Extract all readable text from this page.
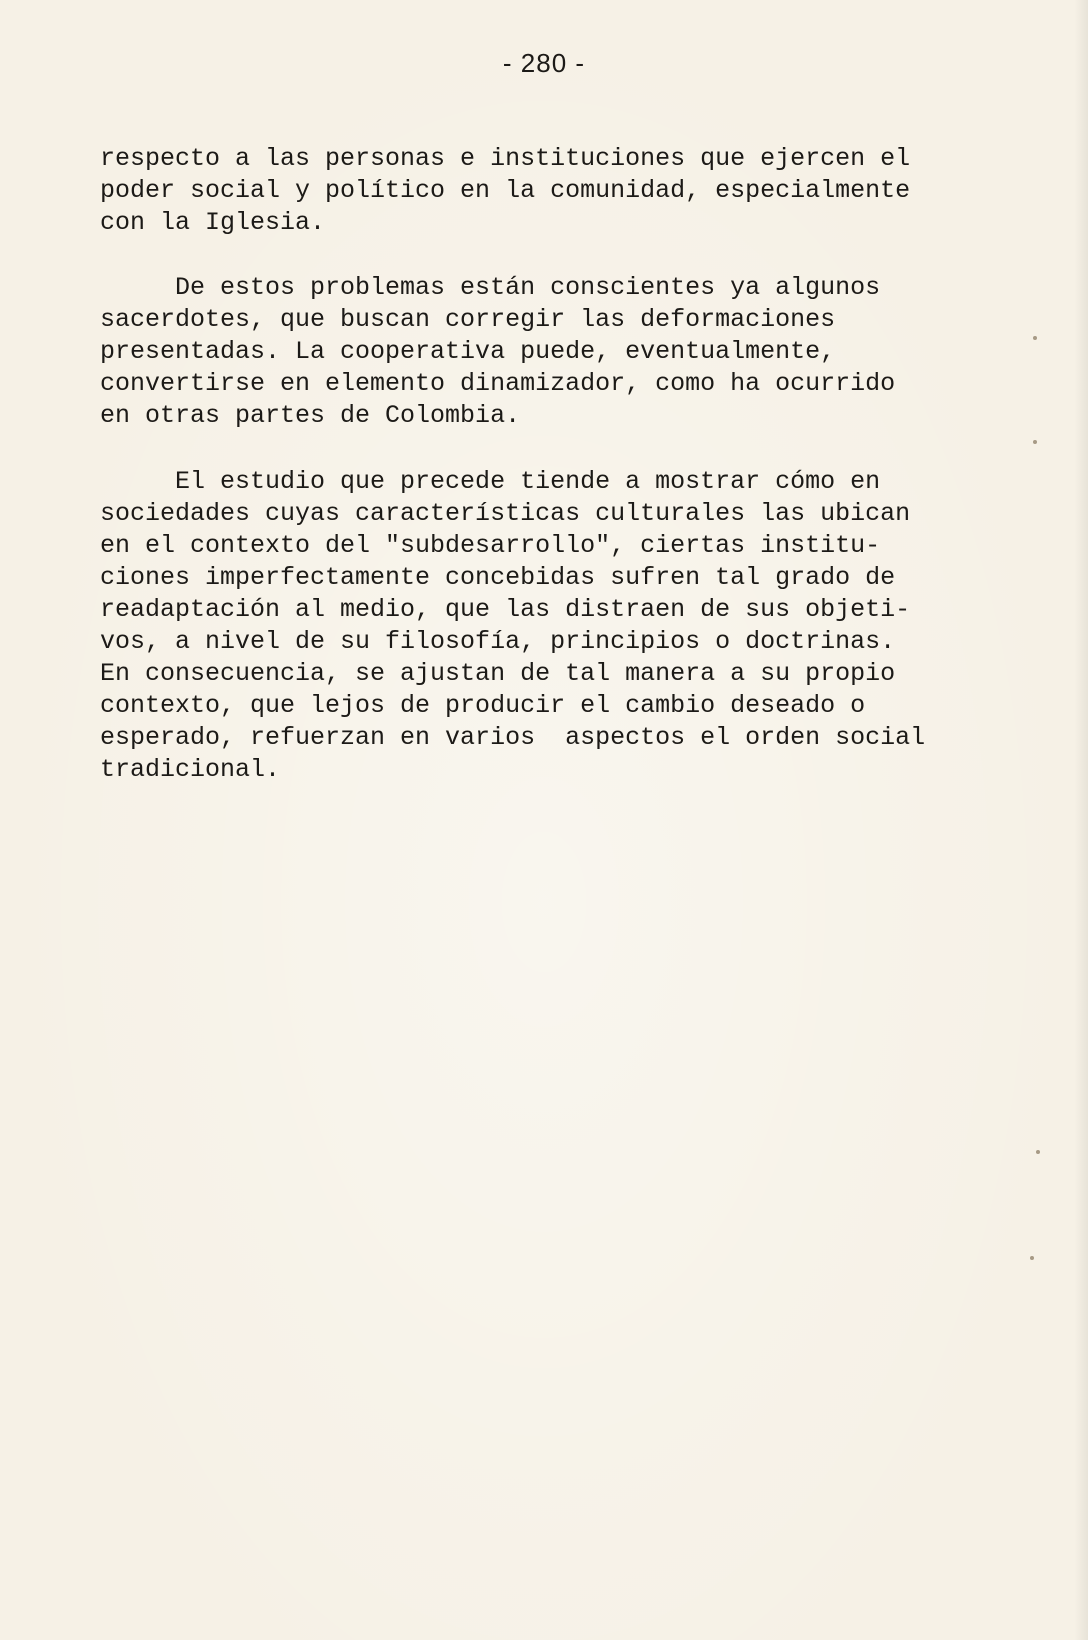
- 280 -
respecto a las personas e instituciones que ejercen el
poder social y político en la comunidad, especialmente
con la Iglesia.
De estos problemas están conscientes ya algunos
sacerdotes, que buscan corregir las deformaciones
presentadas. La cooperativa puede, eventualmente,
convertirse en elemento dinamizador, como ha ocurrido
en otras partes de Colombia.
El estudio que precede tiende a mostrar cómo en
sociedades cuyas características culturales las ubican
en el contexto del "subdesarrollo", ciertas institu-
ciones imperfectamente concebidas sufren tal grado de
readaptación al medio, que las distraen de sus objeti-
vos, a nivel de su filosofía, principios o doctrinas.
En consecuencia, se ajustan de tal manera a su propio
contexto, que lejos de producir el cambio deseado o
esperado, refuerzan en varios  aspectos el orden social
tradicional.
